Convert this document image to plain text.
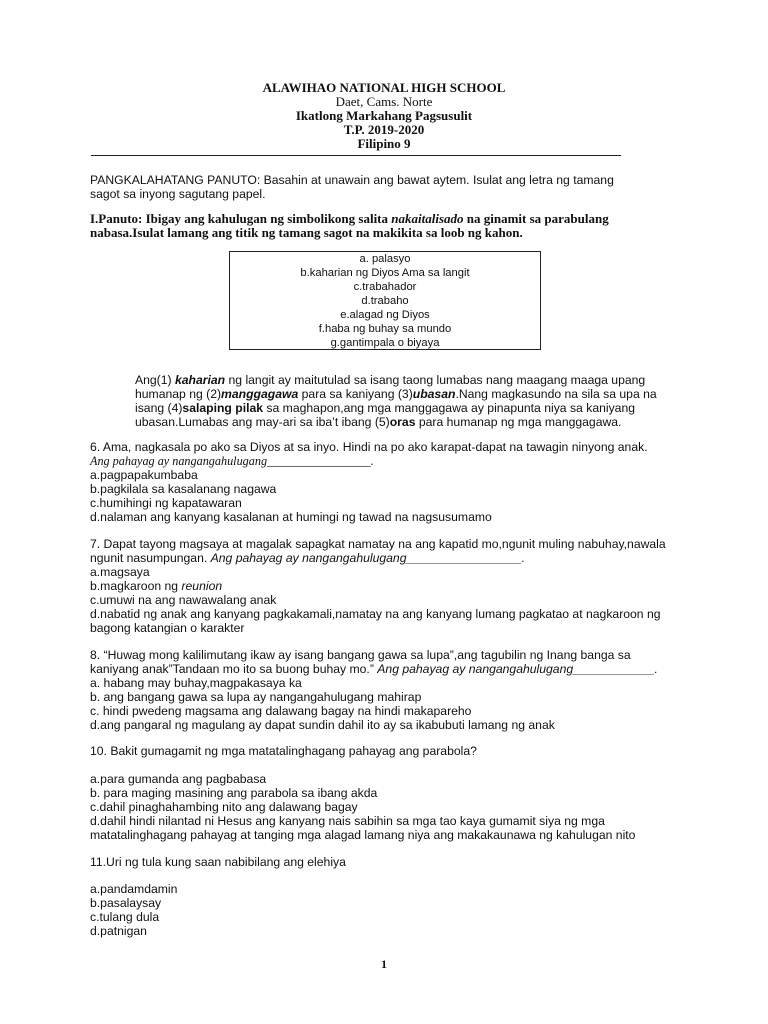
ALAWIHAO NATIONAL HIGH SCHOOL
Daet, Cams. Norte
Ikatlong Markahang Pagsusulit
T.P. 2019-2020
Filipino 9
PANGKALAHATANG PANUTO: Basahin at unawain ang bawat aytem. Isulat ang letra ng tamang
sagot sa inyong sagutang papel.
I.Panuto: Ibigay ang kahulugan ng simbolikong salita nakaitalisado na ginamit sa parabulang
nabasa.Isulat lamang ang titik ng tamang sagot na makikita sa loob ng kahon.
a. palasyo
b.kaharian ng Diyos Ama sa langit
c.trabahador
d.trabaho
e.alagad ng Diyos
f.haba ng buhay sa mundo
g.gantimpala o biyaya
Ang(1) kaharian ng langit ay maitutulad sa isang taong lumabas nang maagang maaga upang
humanap ng (2)manggagawa para sa kaniyang (3)ubasan.Nang magkasundo na sila sa upa na
isang (4)salaping pilak sa maghapon,ang mga manggagawa ay pinapunta niya sa kaniyang
ubasan.Lumabas ang may-ari sa iba’t ibang (5)oras para humanap ng mga manggagawa.
6. Ama, nagkasala po ako sa Diyos at sa inyo. Hindi na po ako karapat-dapat na tawagin ninyong anak.
Ang pahayag ay nangangahulugang_________________.
a.pagpapakumbaba
b.pagkilala sa kasalanang nagawa
c.humihingi ng kapatawaran
d.nalaman ang kanyang kasalanan at humingi ng tawad na nagsusumamo
7. Dapat tayong magsaya at magalak sapagkat namatay na ang kapatid mo,ngunit muling nabuhay,nawala
ngunit nasumpungan. Ang pahayag ay nangangahulugang_________________.
a.magsaya
b.magkaroon ng reunion
c.umuwi na ang nawawalang anak
d.nabatid ng anak ang kanyang pagkakamali,namatay na ang kanyang lumang pagkatao at nagkaroon ng
bagong katangian o karakter
8. “Huwag mong kalilimutang ikaw ay isang bangang gawa sa lupa”,ang tagubilin ng Inang banga sa
kaniyang anak”Tandaan mo ito sa buong buhay mo.” Ang pahayag ay nangangahulugang____________.
a. habang may buhay,magpakasaya ka
b. ang bangang gawa sa lupa ay nangangahulugang mahirap
c. hindi pwedeng magsama ang dalawang bagay na hindi makapareho
d.ang pangaral ng magulang ay dapat sundin dahil ito ay sa ikabubuti lamang ng anak
10. Bakit gumagamit ng mga matatalinghagang pahayag ang parabola?
a.para gumanda ang pagbabasa
b. para maging masining ang parabola sa ibang akda
c.dahil pinaghahambing nito ang dalawang bagay
d.dahil hindi nilantad ni Hesus ang kanyang nais sabihin sa mga tao kaya gumamit siya ng mga
matatalinghagang pahayag at tanging mga alagad lamang niya ang makakaunawa ng kahulugan nito
11.Uri ng tula kung saan nabibilang ang elehiya
a.pandamdamin
b.pasalaysay
c.tulang dula
d.patnigan
1
